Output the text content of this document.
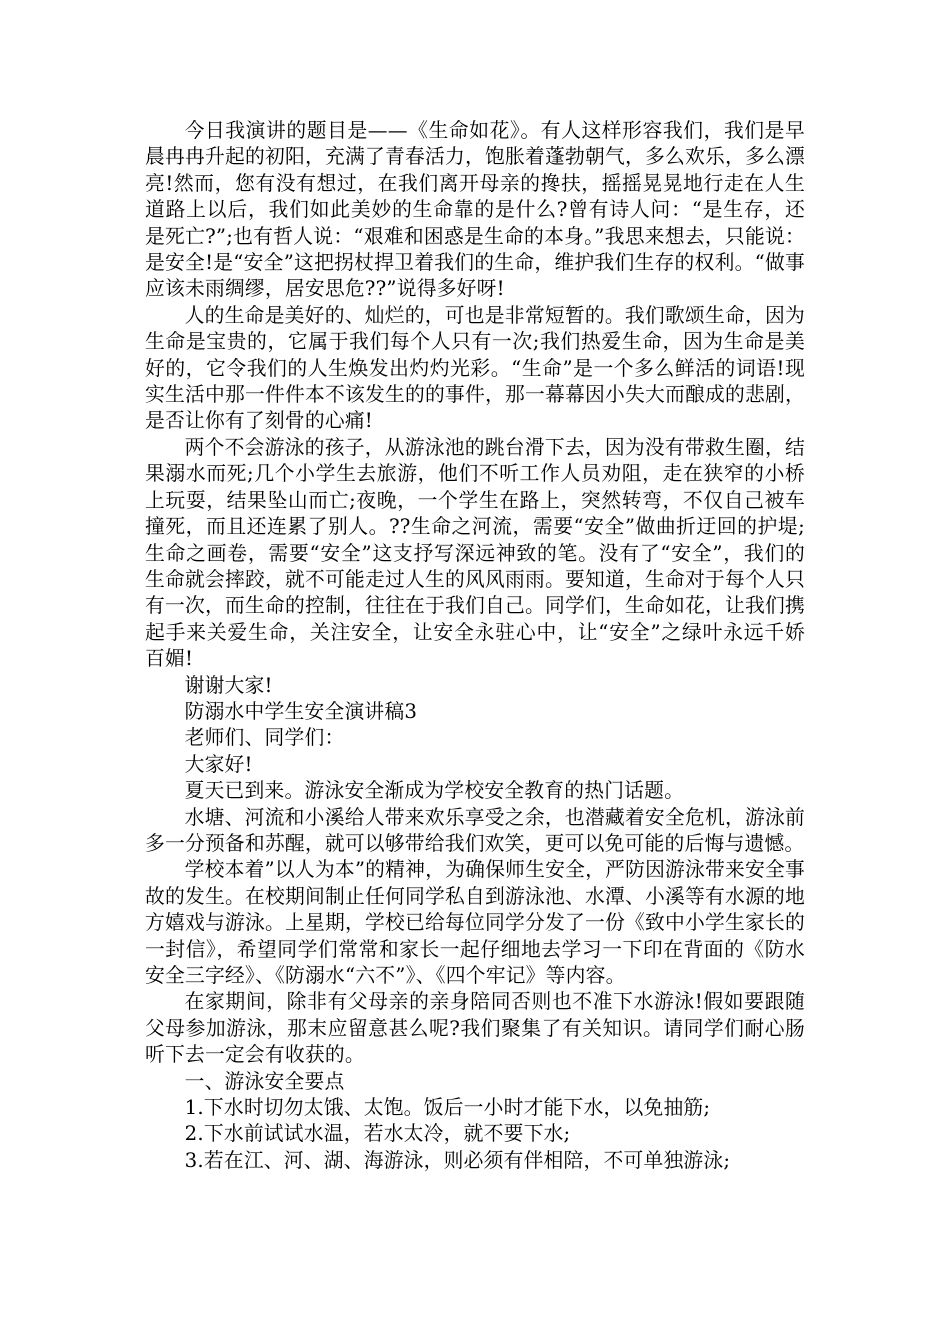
今日我演讲的题目是——《生命如花》。有人这样形容我们，我们是早晨冉冉升起的初阳，充满了青春活力，饱胀着蓬勃朝气，多么欢乐，多么漂亮!然而，您有没有想过，在我们离开母亲的搀扶，摇摇晃晃地行走在人生道路上以后，我们如此美妙的生命靠的是什么?曾有诗人问：“是生存，还是死亡?”;也有哲人说：“艰难和困惑是生命的本身。”我思来想去，只能说：是安全!是“安全”这把拐杖捍卫着我们的生命，维护我们生存的权利。“做事应该未雨绸缪，居安思危??”说得多好呀!

人的生命是美好的、灿烂的，可也是非常短暂的。我们歌颂生命，因为生命是宝贵的，它属于我们每个人只有一次;我们热爱生命，因为生命是美好的，它令我们的人生焕发出灼灼光彩。“生命”是一个多么鲜活的词语!现实生活中那一件件本不该发生的的事件，那一幕幕因小失大而酿成的悲剧，是否让你有了刻骨的心痛!

两个不会游泳的孩子，从游泳池的跳台滑下去，因为没有带救生圈，结果溺水而死;几个小学生去旅游，他们不听工作人员劝阻，走在狭窄的小桥上玩耍，结果坠山而亡;夜晚，一个学生在路上，突然转弯，不仅自己被车撞死，而且还连累了别人。??生命之河流，需要“安全”做曲折迂回的护堤;生命之画卷，需要“安全”这支抒写深远神致的笔。没有了“安全”，我们的生命就会摔跤，就不可能走过人生的风风雨雨。要知道，生命对于每个人只有一次，而生命的控制，往往在于我们自己。同学们，生命如花，让我们携起手来关爱生命，关注安全，让安全永驻心中，让“安全”之绿叶永远千娇百媚!

谢谢大家!

防溺水中学生安全演讲稿3

老师们、同学们：

大家好!

夏天已到来。游泳安全渐成为学校安全教育的热门话题。

水塘、河流和小溪给人带来欢乐享受之余，也潜藏着安全危机，游泳前多一分预备和苏醒，就可以够带给我们欢笑，更可以免可能的后悔与遗憾。

学校本着”以人为本”的精神，为确保师生安全，严防因游泳带来安全事故的发生。在校期间制止任何同学私自到游泳池、水潭、小溪等有水源的地方嬉戏与游泳。上星期，学校已给每位同学分发了一份《致中小学生家长的一封信》，希望同学们常常和家长一起仔细地去学习一下印在背面的《防水安全三字经》、《防溺水“六不”》、《四个牢记》等内容。

在家期间，除非有父母亲的亲身陪同否则也不准下水游泳!假如要跟随父母参加游泳，那末应留意甚么呢?我们聚集了有关知识。请同学们耐心肠听下去一定会有收获的。

一、游泳安全要点

1.下水时切勿太饿、太饱。饭后一小时才能下水，以免抽筋;

2.下水前试试水温，若水太冷，就不要下水;

3.若在江、河、湖、海游泳，则必须有伴相陪，不可单独游泳;
